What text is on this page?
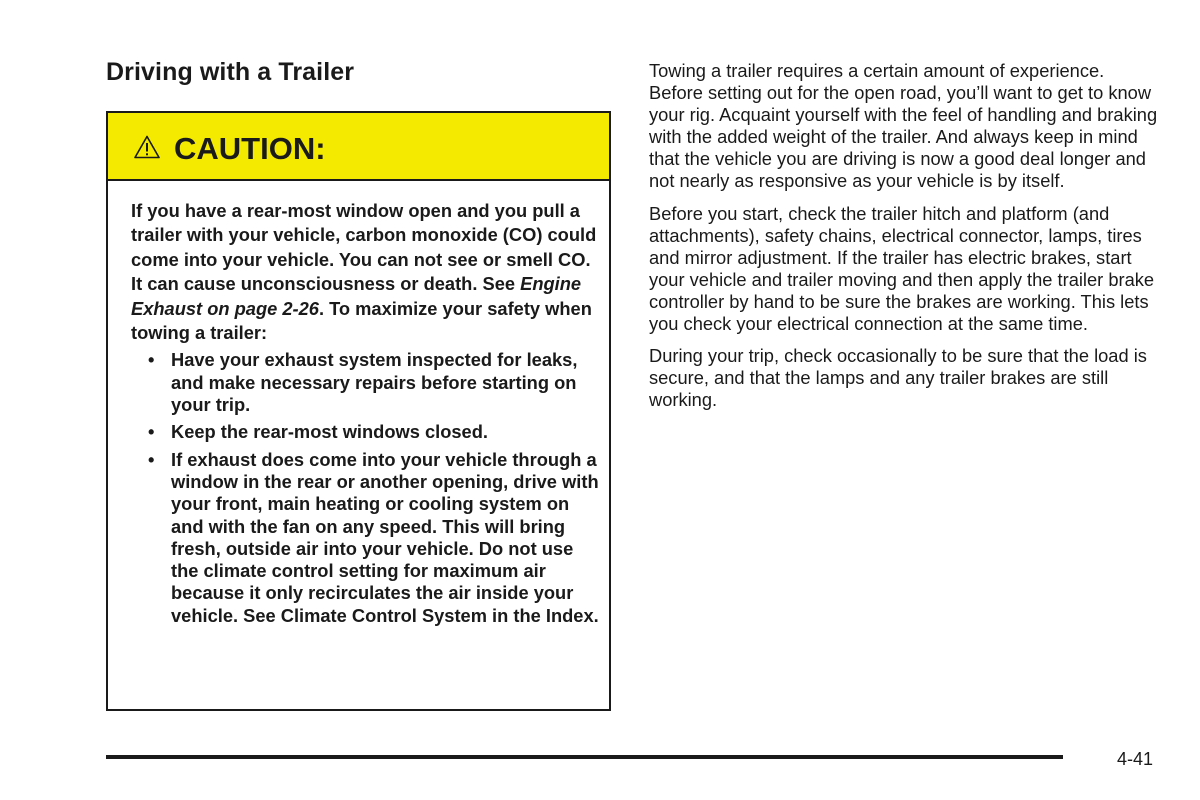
Driving with a Trailer
CAUTION:

If you have a rear-most window open and you pull a trailer with your vehicle, carbon monoxide (CO) could come into your vehicle. You can not see or smell CO. It can cause unconsciousness or death. See Engine Exhaust on page 2-26. To maximize your safety when towing a trailer:

• Have your exhaust system inspected for leaks, and make necessary repairs before starting on your trip.
• Keep the rear-most windows closed.
• If exhaust does come into your vehicle through a window in the rear or another opening, drive with your front, main heating or cooling system on and with the fan on any speed. This will bring fresh, outside air into your vehicle. Do not use the climate control setting for maximum air because it only recirculates the air inside your vehicle. See Climate Control System in the Index.

Towing a trailer requires a certain amount of experience. Before setting out for the open road, you’ll want to get to know your rig. Acquaint yourself with the feel of handling and braking with the added weight of the trailer. And always keep in mind that the vehicle you are driving is now a good deal longer and not nearly as responsive as your vehicle is by itself.

Before you start, check the trailer hitch and platform (and attachments), safety chains, electrical connector, lamps, tires and mirror adjustment. If the trailer has electric brakes, start your vehicle and trailer moving and then apply the trailer brake controller by hand to be sure the brakes are working. This lets you check your electrical connection at the same time.

During your trip, check occasionally to be sure that the load is secure, and that the lamps and any trailer brakes are still working.

4-41
